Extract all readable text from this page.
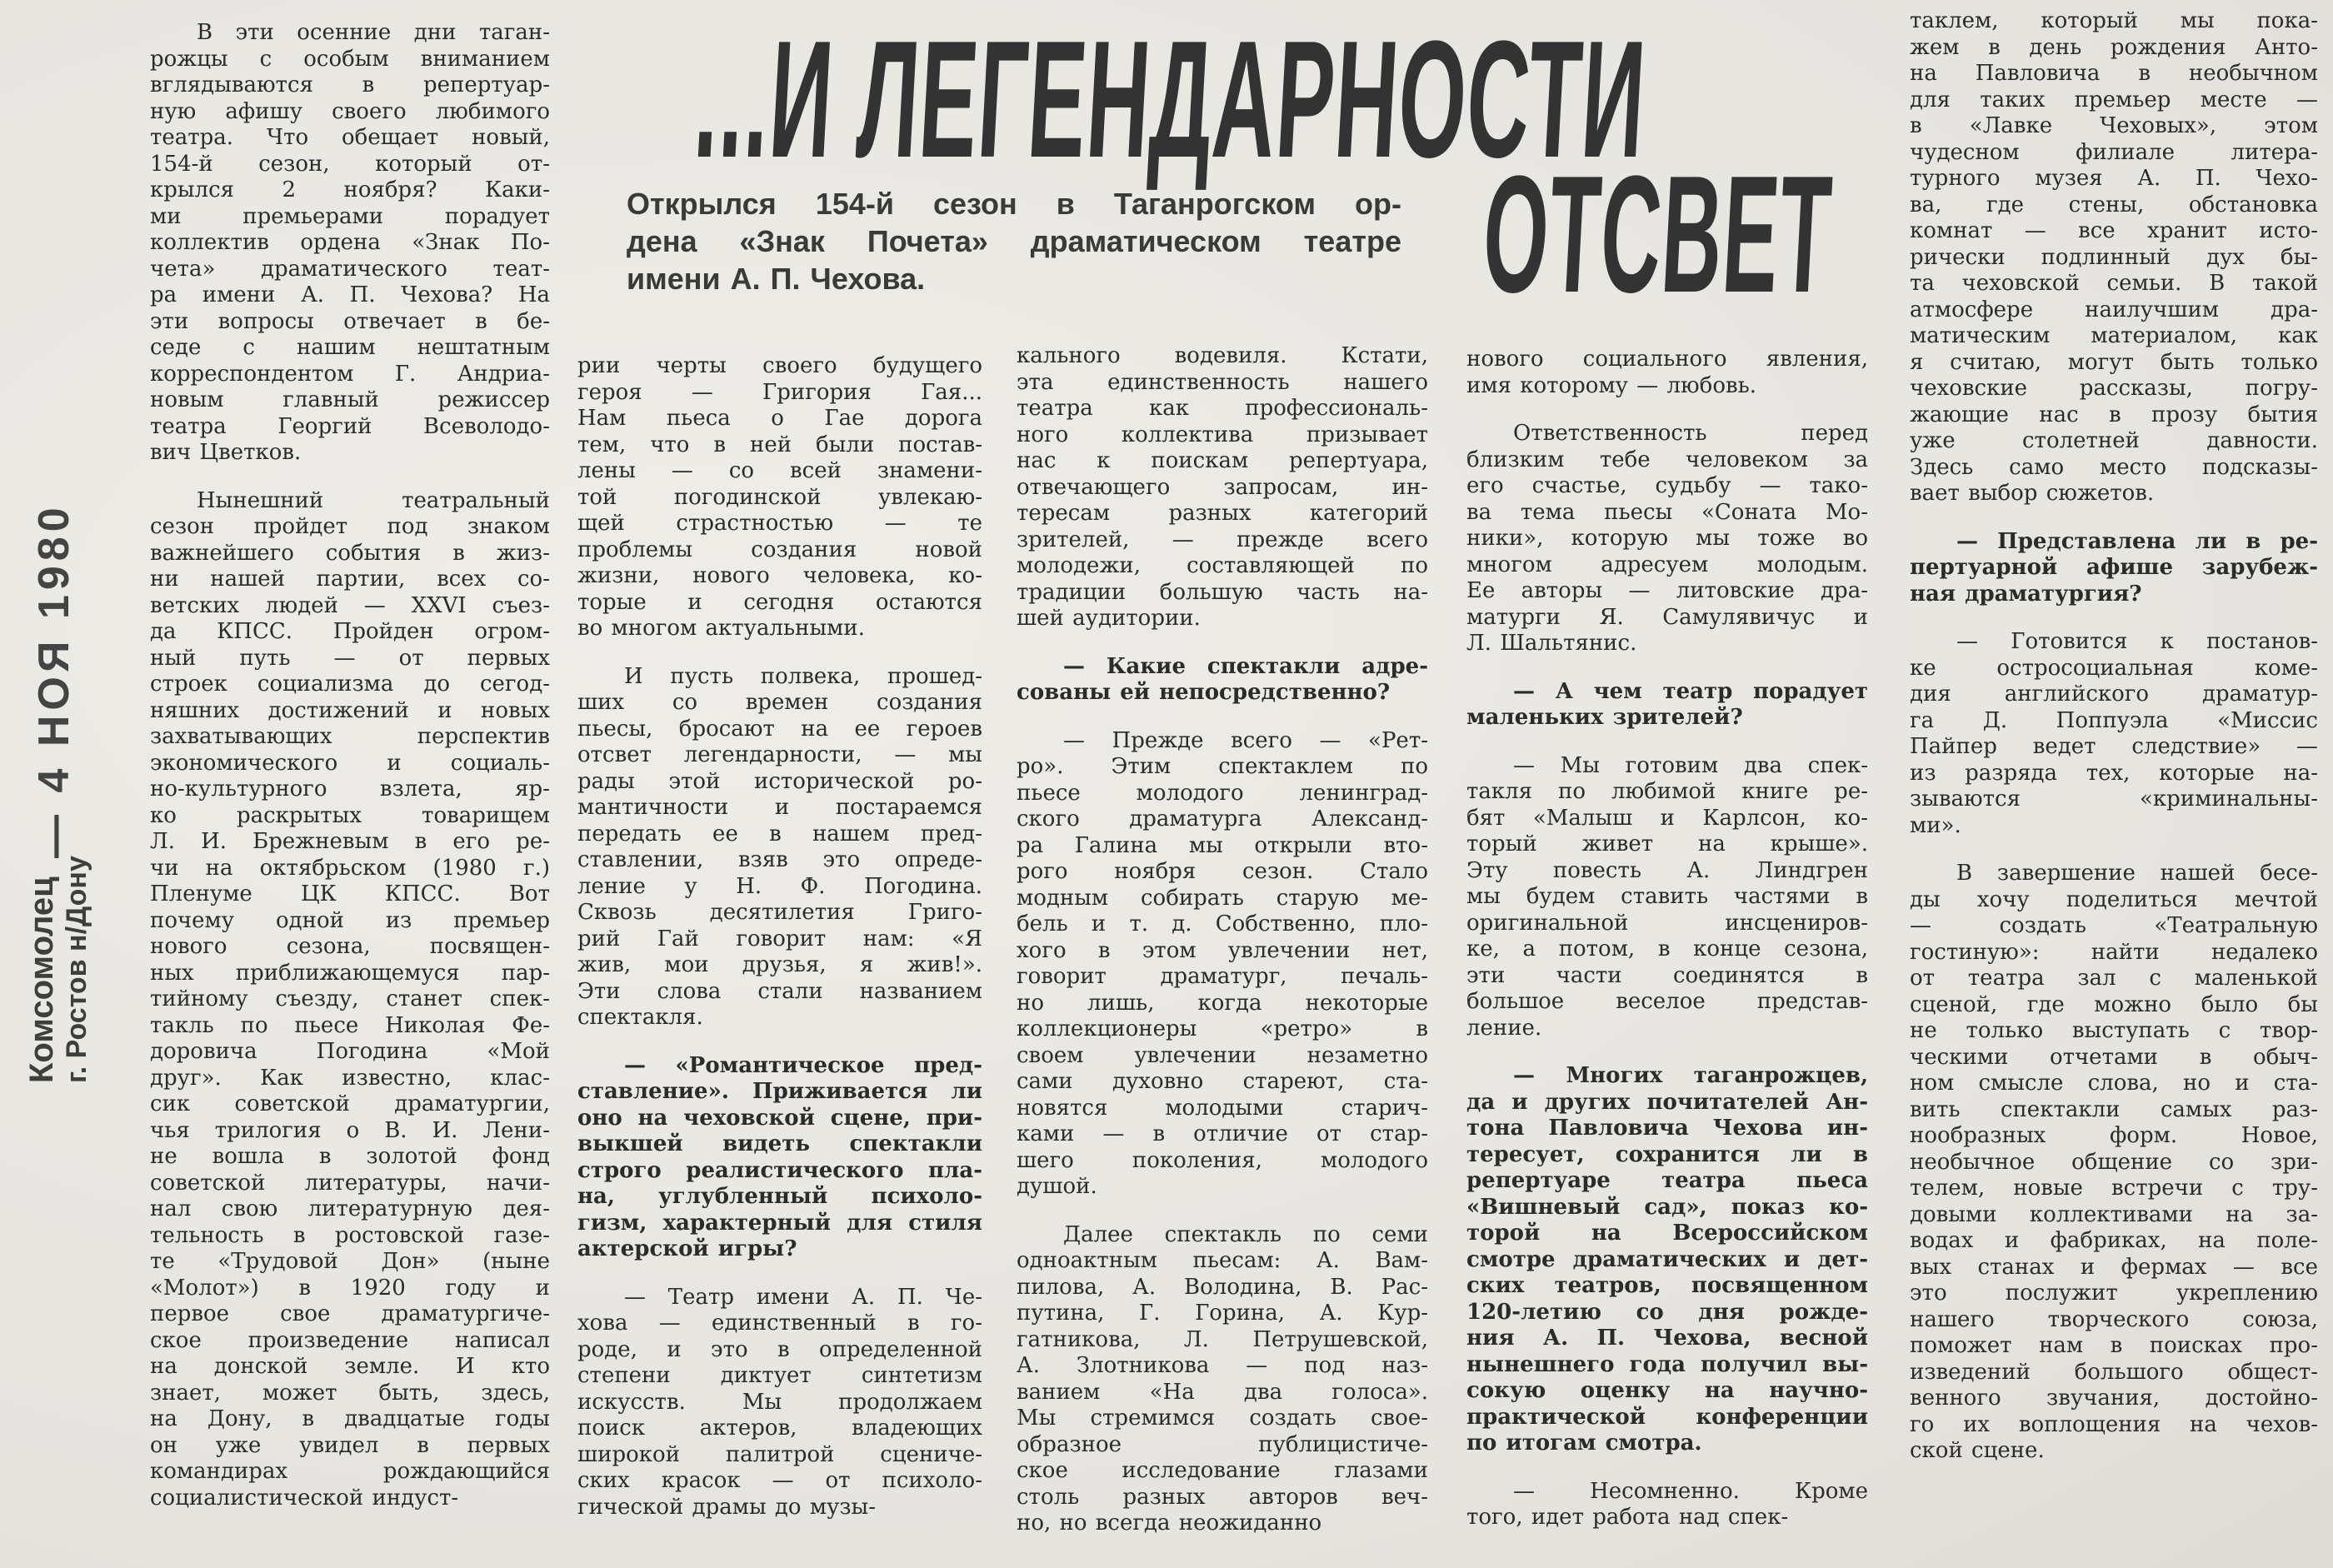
...И ЛЕГЕНДАРНОСТИ
ОТСВЕТ
Открылся 154-й сезон в Таганрогском ор-
дена «Знак Почета» драматическом театре
имени А. П. Чехова.
— 4 НОЯ 1980
Комсомолец г. Ростов н/Дону
В эти осенние дни таган-
рожцы с особым вниманием
вглядываются в репертуар-
ную афишу своего любимого
театра. Что обещает новый,
154-й сезон, который от-
крылся 2 ноября? Каки-
ми премьерами порадует
коллектив ордена «Знак По-
чета» драматического теат-
ра имени А. П. Чехова? На
эти вопросы отвечает в бе-
седе с нашим нештатным
корреспондентом Г. Андриа-
новым главный режиссер
театра Георгий Всеволодо-
вич Цветков.
Нынешний театральный
сезон пройдет под знаком
важнейшего события в жиз-
ни нашей партии, всех со-
ветских людей — XXVI съез-
да КПСС. Пройден огром-
ный путь — от первых
строек социализма до сегод-
няшних достижений и новых
захватывающих перспектив
экономического и социаль-
но-культурного взлета, яр-
ко раскрытых товарищем
Л. И. Брежневым в его ре-
чи на октябрьском (1980 г.)
Пленуме ЦК КПСС. Вот
почему одной из премьер
нового сезона, посвящен-
ных приближающемуся пар-
тийному съезду, станет спек-
такль по пьесе Николая Фе-
доровича Погодина «Мой
друг». Как известно, клас-
сик советской драматургии,
чья трилогия о В. И. Лени-
не вошла в золотой фонд
советской литературы, начи-
нал свою литературную дея-
тельность в ростовской газе-
те «Трудовой Дон» (ныне
«Молот») в 1920 году и
первое свое драматургиче-
ское произведение написал
на донской земле. И кто
знает, может быть, здесь,
на Дону, в двадцатые годы
он уже увидел в первых
командирах рождающийся
социалистической индуст-
рии черты своего будущего
героя — Григория Гая...
Нам пьеса о Гае дорога
тем, что в ней были постав-
лены — со всей знамени-
той погодинской увлекаю-
щей страстностью — те
проблемы создания новой
жизни, нового человека, ко-
торые и сегодня остаются
во многом актуальными.
И пусть полвека, прошед-
ших со времен создания
пьесы, бросают на ее героев
отсвет легендарности, — мы
рады этой исторической ро-
мантичности и постараемся
передать ее в нашем пред-
ставлении, взяв это опреде-
ление у Н. Ф. Погодина.
Сквозь десятилетия Григо-
рий Гай говорит нам: «Я
жив, мои друзья, я жив!».
Эти слова стали названием
спектакля.
— «Романтическое пред-
ставление». Приживается ли
оно на чеховской сцене, при-
выкшей видеть спектакли
строго реалистического пла-
на, углубленный психоло-
гизм, характерный для стиля
актерской игры?
— Театр имени А. П. Че-
хова — единственный в го-
роде, и это в определенной
степени диктует синтетизм
искусств. Мы продолжаем
поиск актеров, владеющих
широкой палитрой сцениче-
ских красок — от психоло-
гической драмы до музы-
кального водевиля. Кстати,
эта единственность нашего
театра как профессиональ-
ного коллектива призывает
нас к поискам репертуара,
отвечающего запросам, ин-
тересам разных категорий
зрителей, — прежде всего
молодежи, составляющей по
традиции большую часть на-
шей аудитории.
— Какие спектакли адре-
сованы ей непосредственно?
— Прежде всего — «Рет-
ро». Этим спектаклем по
пьесе молодого ленинград-
ского драматурга Александ-
ра Галина мы открыли вто-
рого ноября сезон. Стало
модным собирать старую ме-
бель и т. д. Собственно, пло-
хого в этом увлечении нет,
говорит драматург, печаль-
но лишь, когда некоторые
коллекционеры «ретро» в
своем увлечении незаметно
сами духовно стареют, ста-
новятся молодыми старич-
ками — в отличие от стар-
шего поколения, молодого
душой.
Далее спектакль по семи
одноактным пьесам: А. Вам-
пилова, А. Володина, В. Рас-
путина, Г. Горина, А. Кур-
гатникова, Л. Петрушевской,
А. Злотникова — под наз-
ванием «На два голоса».
Мы стремимся создать свое-
образное публицистиче-
ское исследование глазами
столь разных авторов веч-
но, но всегда неожиданно
нового социального явления,
имя которому — любовь.
Ответственность перед
близким тебе человеком за
его счастье, судьбу — тако-
ва тема пьесы «Соната Мо-
ники», которую мы тоже во
многом адресуем молодым.
Ее авторы — литовские дра-
матурги Я. Самулявичус и
Л. Шальтянис.
— А чем театр порадует
маленьких зрителей?
— Мы готовим два спек-
такля по любимой книге ре-
бят «Малыш и Карлсон, ко-
торый живет на крыше».
Эту повесть А. Линдгрен
мы будем ставить частями в
оригинальной инсцениров-
ке, а потом, в конце сезона,
эти части соединятся в
большое веселое представ-
ление.
— Многих таганрожцев,
да и других почитателей Ан-
тона Павловича Чехова ин-
тересует, сохранится ли в
репертуаре театра пьеса
«Вишневый сад», показ ко-
торой на Всероссийском
смотре драматических и дет-
ских театров, посвященном
120-летию со дня рожде-
ния А. П. Чехова, весной
нынешнего года получил вы-
сокую оценку на научно-
практической конференции
по итогам смотра.
— Несомненно. Кроме
того, идет работа над спек-
таклем, который мы пока-
жем в день рождения Анто-
на Павловича в необычном
для таких премьер месте —
в «Лавке Чеховых», этом
чудесном филиале литера-
турного музея А. П. Чехо-
ва, где стены, обстановка
комнат — все хранит исто-
рически подлинный дух бы-
та чеховской семьи. В такой
атмосфере наилучшим дра-
матическим материалом, как
я считаю, могут быть только
чеховские рассказы, погру-
жающие нас в прозу бытия
уже столетней давности.
Здесь само место подсказы-
вает выбор сюжетов.
— Представлена ли в ре-
пертуарной афише зарубеж-
ная драматургия?
— Готовится к постанов-
ке остросоциальная коме-
дия английского драматур-
га Д. Поппуэла «Миссис
Пайпер ведет следствие» —
из разряда тех, которые на-
зываются «криминальны-
ми».
В завершение нашей бесе-
ды хочу поделиться мечтой
— создать «Театральную
гостиную»: найти недалеко
от театра зал с маленькой
сценой, где можно было бы
не только выступать с твор-
ческими отчетами в обыч-
ном смысле слова, но и ста-
вить спектакли самых раз-
нообразных форм. Новое,
необычное общение со зри-
телем, новые встречи с тру-
довыми коллективами на за-
водах и фабриках, на поле-
вых станах и фермах — все
это послужит укреплению
нашего творческого союза,
поможет нам в поисках про-
изведений большого общест-
венного звучания, достойно-
го их воплощения на чехов-
ской сцене.
